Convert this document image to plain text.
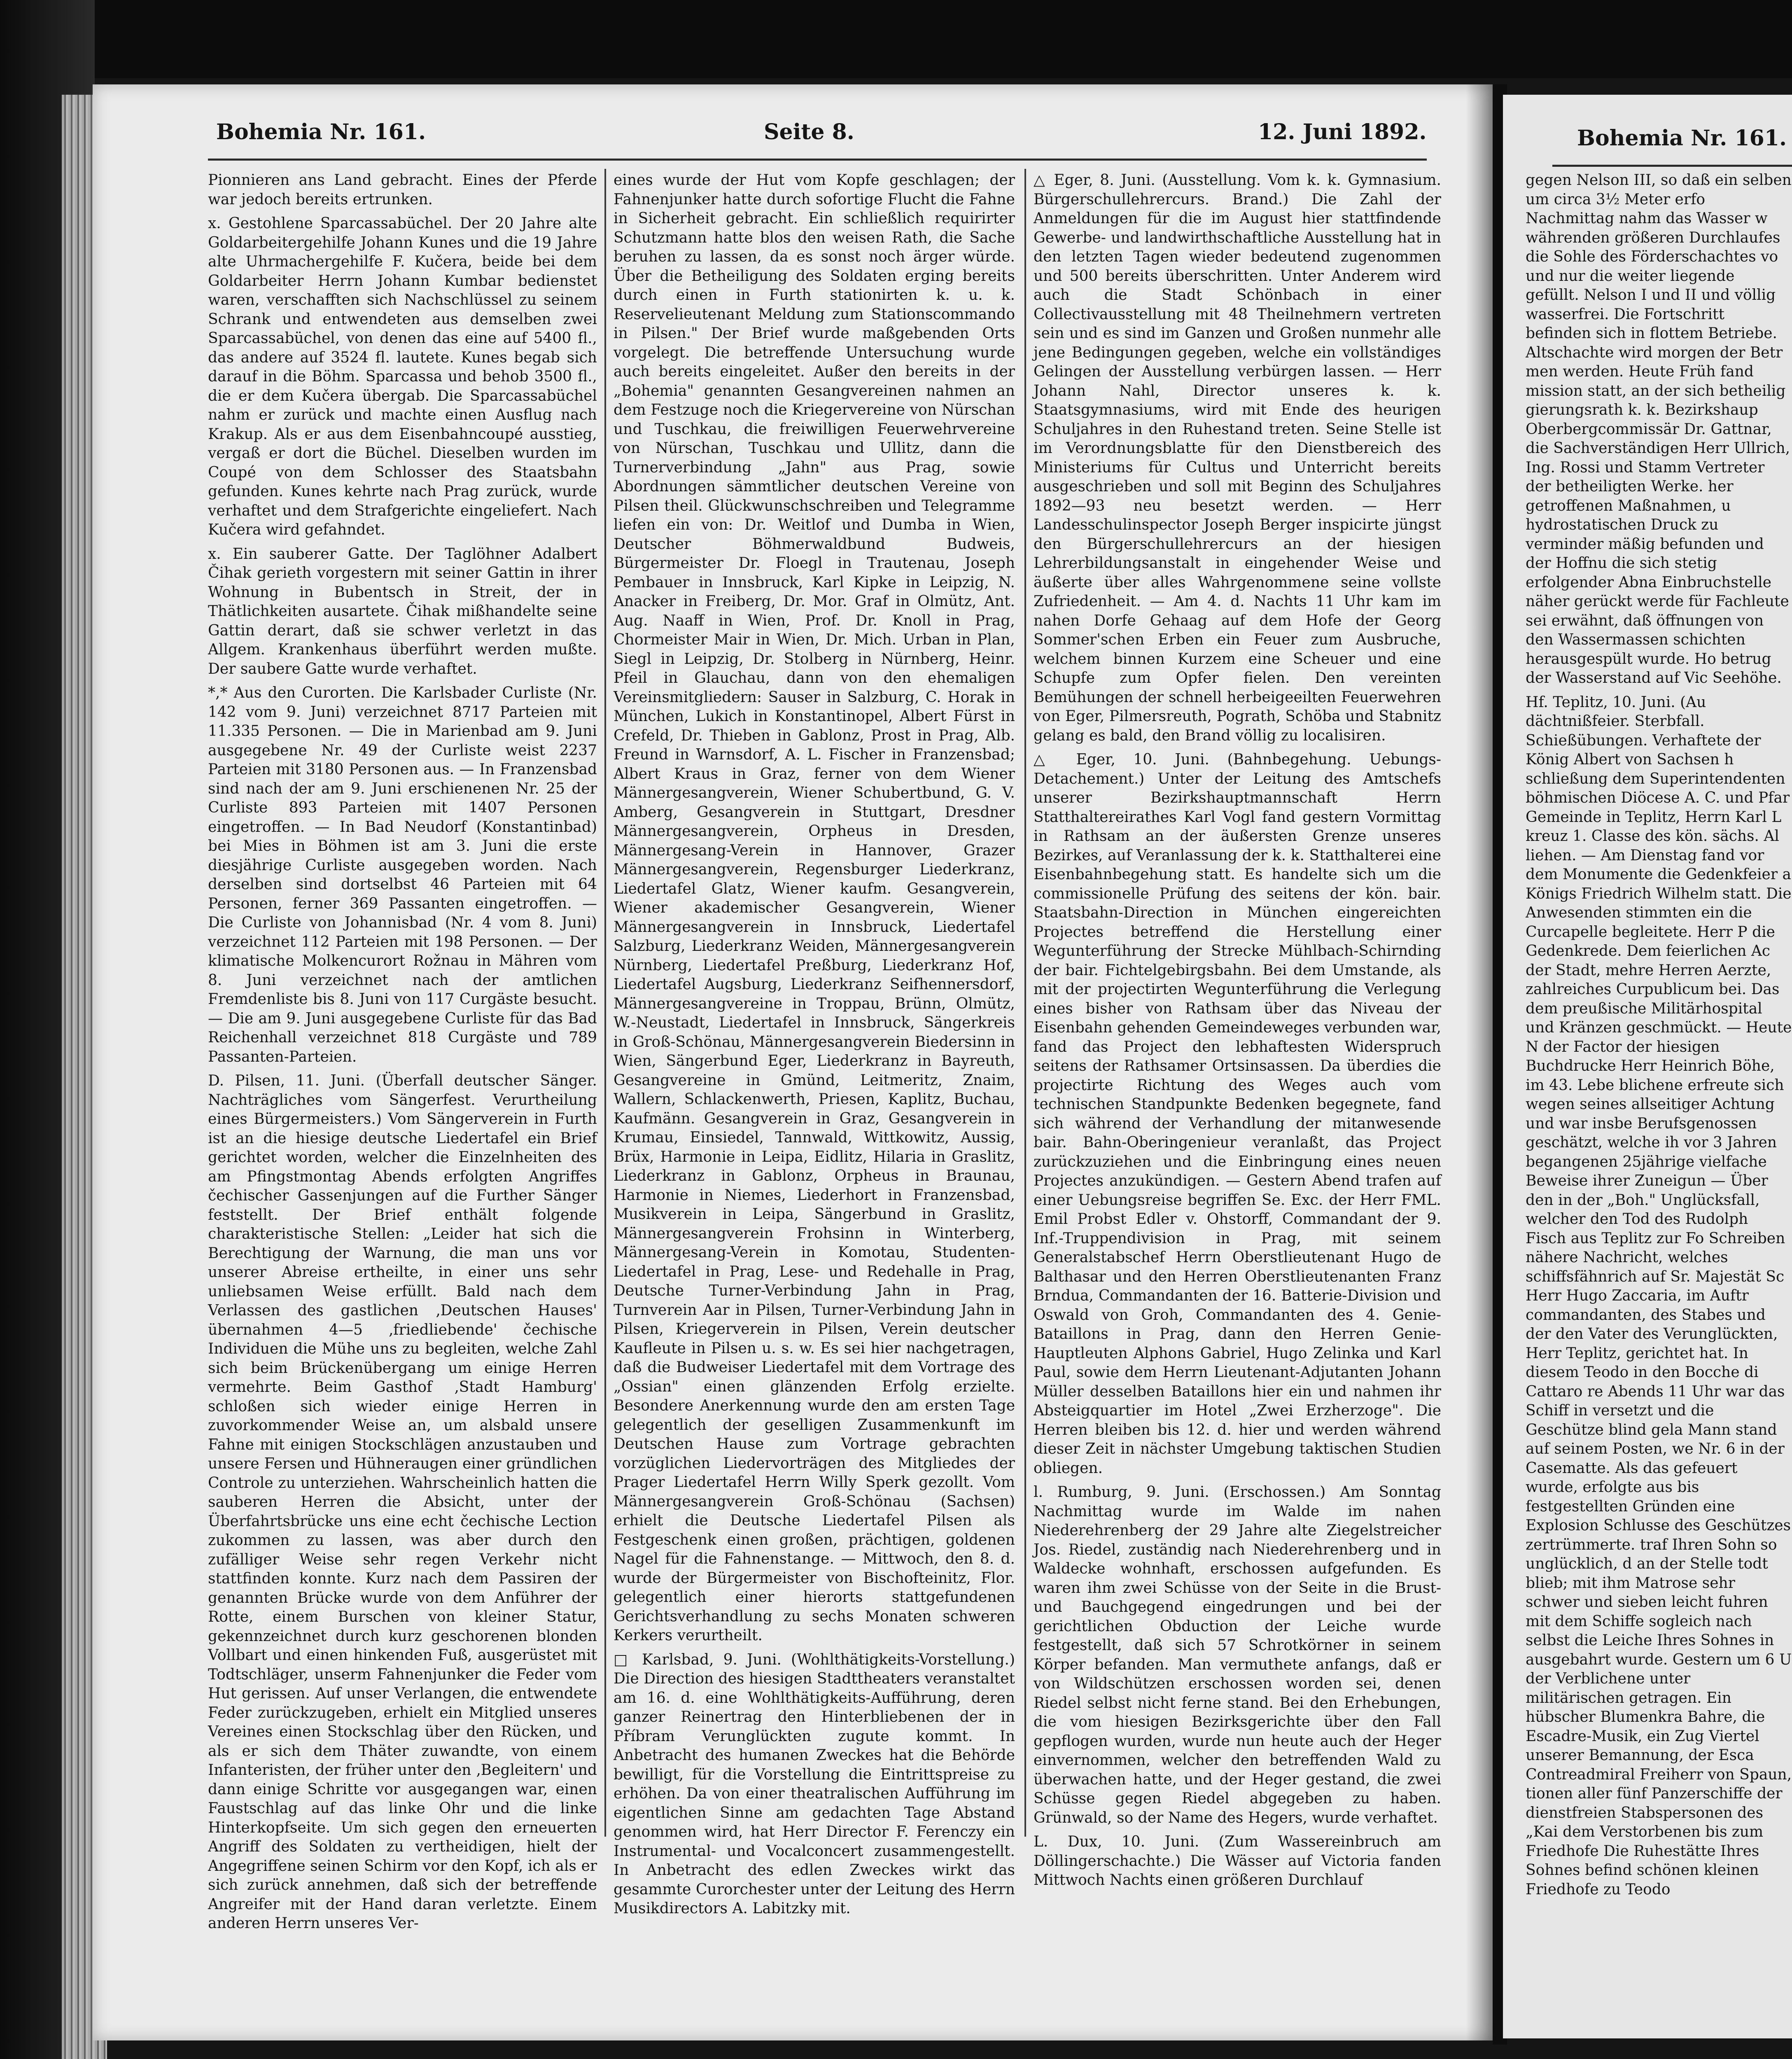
Bohemia Nr. 161.	Seite 8.	12. Juni 1892.	Bohemia Nr. 161.

Pionnieren ans Land gebracht. Eines der Pferde war jedoch bereits ertrunken.

x. Gestohlene Sparcassabüchel. Der 20 Jahre alte Goldarbeitergehilfe Johann Kunes und die 19 Jahre alte Uhrmachergehilfe F. Kučera, beide bei dem Goldarbeiter Herrn Johann Kumbar bedienstet waren, verschafften sich Nachschlüssel zu seinem Schrank und entwendeten aus demselben zwei Sparcassabüchel, von denen das eine auf 5400 fl., das andere auf 3524 fl. lautete. Kunes begab sich darauf in die Böhm. Sparcassa und behob 3500 fl., die er dem Kučera übergab. Die Sparcassabüchel nahm er zurück und machte einen Ausflug nach Krakup. Als er aus dem Eisenbahncoupé ausstieg, vergaß er dort die Büchel. Dieselben wurden im Coupé von dem Schlosser des Staatsbahn gefunden. Kunes kehrte nach Prag zurück, wurde verhaftet und dem Strafgerichte eingeliefert. Nach Kučera wird gefahndet.

x. Ein sauberer Gatte. Der Taglöhner Adalbert Čihak gerieth vorgestern mit seiner Gattin in ihrer Wohnung in Bubentsch in Streit, der in Thätlichkeiten ausartete. Čihak mißhandelte seine Gattin derart, daß sie schwer verletzt in das Allgem. Krankenhaus überführt werden mußte. Der saubere Gatte wurde verhaftet.

*,* Aus den Curorten. Die Karlsbader Curliste (Nr. 142 vom 9. Juni) verzeichnet 8717 Parteien mit 11.335 Personen. — Die in Marienbad am 9. Juni ausgegebene Nr. 49 der Curliste weist 2237 Parteien mit 3180 Personen aus. — In Franzensbad sind nach der am 9. Juni erschienenen Nr. 25 der Curliste 893 Parteien mit 1407 Personen eingetroffen. — In Bad Neudorf (Konstantinbad) bei Mies in Böhmen ist am 3. Juni die erste diesjährige Curliste ausgegeben worden. Nach derselben sind dortselbst 46 Parteien mit 64 Personen, ferner 369 Passanten eingetroffen. — Die Curliste von Johannisbad (Nr. 4 vom 8. Juni) verzeichnet 112 Parteien mit 198 Personen. — Der klimatische Molkencurort Rožnau in Mähren vom 8. Juni verzeichnet nach der amtlichen Fremdenliste bis 8. Juni von 117 Curgäste besucht. — Die am 9. Juni ausgegebene Curliste für das Bad Reichenhall verzeichnet 818 Curgäste und 789 Passanten-Parteien.

D. Pilsen, 11. Juni. (Überfall deutscher Sänger. Nachträgliches vom Sängerfest. Verurtheilung eines Bürgermeisters.) Vom Sängerverein in Furth ist an die hiesige deutsche Liedertafel ein Brief gerichtet worden, welcher die Einzelnheiten des am Pfingstmontag Abends erfolgten Angriffes čechischer Gassenjungen auf die Further Sänger feststellt. Der Brief enthält folgende charakteristische Stellen: „Leider hat sich die Berechtigung der Warnung, die man uns vor unserer Abreise ertheilte, in einer uns sehr unliebsamen Weise erfüllt. Bald nach dem Verlassen des gastlichen ‚Deutschen Hauses' übernahmen 4—5 ‚friedliebende' čechische Individuen die Mühe uns zu begleiten, welche Zahl sich beim Brückenübergang um einige Herren vermehrte. Beim Gasthof ‚Stadt Hamburg' schloßen sich wieder einige Herren in zuvorkommender Weise an, um alsbald unsere Fahne mit einigen Stockschlägen anzustauben und unsere Fersen und Hühneraugen einer gründlichen Controle zu unterziehen. Wahrscheinlich hatten die sauberen Herren die Absicht, unter der Überfahrtsbrücke uns eine echt čechische Lection zukommen zu lassen, was aber durch den zufälliger Weise sehr regen Verkehr nicht stattfinden konnte. Kurz nach dem Passiren der genannten Brücke wurde von dem Anführer der Rotte, einem Burschen von kleiner Statur, gekennzeichnet durch kurz geschorenen blonden Vollbart und einen hinkenden Fuß, ausgerüstet mit Todtschläger, unserm Fahnenjunker die Feder vom Hut gerissen. Auf unser Verlangen, die entwendete Feder zurückzugeben, erhielt ein Mitglied unseres Vereines einen Stockschlag über den Rücken, und als er sich dem Thäter zuwandte, von einem Infanteristen, der früher unter den ‚Begleitern' und dann einige Schritte vor ausgegangen war, einen Faustschlag auf das linke Ohr und die linke Hinterkopfseite. Um sich gegen den erneuerten Angriff des Soldaten zu vertheidigen, hielt der Angegriffene seinen Schirm vor den Kopf, ich als er sich zurück annehmen, daß sich der betreffende Angreifer mit der Hand daran verletzte. Einem anderen Herrn unseres Ver-

eines wurde der Hut vom Kopfe geschlagen; der Fahnenjunker hatte durch sofortige Flucht die Fahne in Sicherheit gebracht. Ein schließlich requirirter Schutzmann hatte blos den weisen Rath, die Sache beruhen zu lassen, da es sonst noch ärger würde. Über die Betheiligung des Soldaten erging bereits durch einen in Furth stationirten k. u. k. Reservelieutenant Meldung zum Stationscommando in Pilsen." Der Brief wurde maßgebenden Orts vorgelegt. Die betreffende Untersuchung wurde auch bereits eingeleitet. Außer den bereits in der „Bohemia" genannten Gesangvereinen nahmen an dem Festzuge noch die Kriegervereine von Nürschan und Tuschkau, die freiwilligen Feuerwehrvereine von Nürschan, Tuschkau und Ullitz, dann die Turnerverbindung „Jahn" aus Prag, sowie Abordnungen sämmtlicher deutschen Vereine von Pilsen theil. Glückwunschschreiben und Telegramme liefen ein von: Dr. Weitlof und Dumba in Wien, Deutscher Böhmerwaldbund Budweis, Bürgermeister Dr. Floegl in Trautenau, Joseph Pembauer in Innsbruck, Karl Kipke in Leipzig, N. Anacker in Freiberg, Dr. Mor. Graf in Olmütz, Ant. Aug. Naaff in Wien, Prof. Dr. Knoll in Prag, Chormeister Mair in Wien, Dr. Mich. Urban in Plan, Siegl in Leipzig, Dr. Stolberg in Nürnberg, Heinr. Pfeil in Glauchau, dann von den ehemaligen Vereinsmitgliedern: Sauser in Salzburg, C. Horak in München, Lukich in Konstantinopel, Albert Fürst in Crefeld, Dr. Thieben in Gablonz, Prost in Prag, Alb. Freund in Warnsdorf, A. L. Fischer in Franzensbad; Albert Kraus in Graz, ferner von dem Wiener Männergesangverein, Wiener Schubertbund, G. V. Amberg, Gesangverein in Stuttgart, Dresdner Männergesangverein, Orpheus in Dresden, Männergesang-Verein in Hannover, Grazer Männergesangverein, Regensburger Liederkranz, Liedertafel Glatz, Wiener kaufm. Gesangverein, Wiener akademischer Gesangverein, Wiener Männergesangverein in Innsbruck, Liedertafel Salzburg, Liederkranz Weiden, Männergesangverein Nürnberg, Liedertafel Preßburg, Liederkranz Hof, Liedertafel Augsburg, Liederkranz Seifhennersdorf, Männergesangvereine in Troppau, Brünn, Olmütz, W.-Neustadt, Liedertafel in Innsbruck, Sängerkreis in Groß-Schönau, Männergesangverein Biedersinn in Wien, Sängerbund Eger, Liederkranz in Bayreuth, Gesangvereine in Gmünd, Leitmeritz, Znaim, Wallern, Schlackenwerth, Priesen, Kaplitz, Buchau, Kaufmänn. Gesangverein in Graz, Gesangverein in Krumau, Einsiedel, Tannwald, Wittkowitz, Aussig, Brüx, Harmonie in Leipa, Eidlitz, Hilaria in Graslitz, Liederkranz in Gablonz, Orpheus in Braunau, Harmonie in Niemes, Liederhort in Franzensbad, Musikverein in Leipa, Sängerbund in Graslitz, Männergesangverein Frohsinn in Winterberg, Männergesang-Verein in Komotau, Studenten-Liedertafel in Prag, Lese- und Redehalle in Prag, Deutsche Turner-Verbindung Jahn in Prag, Turnverein Aar in Pilsen, Turner-Verbindung Jahn in Pilsen, Kriegerverein in Pilsen, Verein deutscher Kaufleute in Pilsen u. s. w. Es sei hier nachgetragen, daß die Budweiser Liedertafel mit dem Vortrage des „Ossian" einen glänzenden Erfolg erzielte. Besondere Anerkennung wurde den am ersten Tage gelegentlich der geselligen Zusammenkunft im Deutschen Hause zum Vortrage gebrachten vorzüglichen Liedervorträgen des Mitgliedes der Prager Liedertafel Herrn Willy Sperk gezollt. Vom Männergesangverein Groß-Schönau (Sachsen) erhielt die Deutsche Liedertafel Pilsen als Festgeschenk einen großen, prächtigen, goldenen Nagel für die Fahnenstange. — Mittwoch, den 8. d. wurde der Bürgermeister von Bischofteinitz, Flor. gelegentlich einer hierorts stattgefundenen Gerichtsverhandlung zu sechs Monaten schweren Kerkers verurtheilt.

□ Karlsbad, 9. Juni. (Wohlthätigkeits-Vorstellung.) Die Direction des hiesigen Stadttheaters veranstaltet am 16. d. eine Wohlthätigkeits-Aufführung, deren ganzer Reinertrag den Hinterbliebenen der in Příbram Verunglückten zugute kommt. In Anbetracht des humanen Zweckes hat die Behörde bewilligt, für die Vorstellung die Eintrittspreise zu erhöhen. Da von einer theatralischen Aufführung im eigentlichen Sinne am gedachten Tage Abstand genommen wird, hat Herr Director F. Ferenczy ein Instrumental- und Vocalconcert zusammengestellt. In Anbetracht des edlen Zweckes wirkt das gesammte Curorchester unter der Leitung des Herrn Musikdirectors A. Labitzky mit.

△ Eger, 8. Juni. (Ausstellung. Vom k. k. Gymnasium. Bürgerschullehrercurs. Brand.) Die Zahl der Anmeldungen für die im August hier stattfindende Gewerbe- und landwirthschaftliche Ausstellung hat in den letzten Tagen wieder bedeutend zugenommen und 500 bereits überschritten. Unter Anderem wird auch die Stadt Schönbach in einer Collectivausstellung mit 48 Theilnehmern vertreten sein und es sind im Ganzen und Großen nunmehr alle jene Bedingungen gegeben, welche ein vollständiges Gelingen der Ausstellung verbürgen lassen. — Herr Johann Nahl, Director unseres k. k. Staatsgymnasiums, wird mit Ende des heurigen Schuljahres in den Ruhestand treten. Seine Stelle ist im Verordnungsblatte für den Dienstbereich des Ministeriums für Cultus und Unterricht bereits ausgeschrieben und soll mit Beginn des Schuljahres 1892—93 neu besetzt werden. — Herr Landesschulinspector Joseph Berger inspicirte jüngst den Bürgerschullehrercurs an der hiesigen Lehrerbildungsanstalt in eingehender Weise und äußerte über alles Wahrgenommene seine vollste Zufriedenheit. — Am 4. d. Nachts 11 Uhr kam im nahen Dorfe Gehaag auf dem Hofe der Georg Sommer'schen Erben ein Feuer zum Ausbruche, welchem binnen Kurzem eine Scheuer und eine Schupfe zum Opfer fielen. Den vereinten Bemühungen der schnell herbeigeeilten Feuerwehren von Eger, Pilmersreuth, Pograth, Schöba und Stabnitz gelang es bald, den Brand völlig zu localisiren.

△ Eger, 10. Juni. (Bahnbegehung. Uebungs-Detachement.) Unter der Leitung des Amtschefs unserer Bezirkshauptmannschaft Herrn Statthaltereirathes Karl Vogl fand gestern Vormittag in Rathsam an der äußersten Grenze unseres Bezirkes, auf Veranlassung der k. k. Statthalterei eine Eisenbahnbegehung statt. Es handelte sich um die commissionelle Prüfung des seitens der kön. bair. Staatsbahn-Direction in München eingereichten Projectes betreffend die Herstellung einer Wegunterführung der Strecke Mühlbach-Schirnding der bair. Fichtelgebirgsbahn. Bei dem Umstande, als mit der projectirten Wegunterführung die Verlegung eines bisher von Rathsam über das Niveau der Eisenbahn gehenden Gemeindeweges verbunden war, fand das Project den lebhaftesten Widerspruch seitens der Rathsamer Ortsinsassen. Da überdies die projectirte Richtung des Weges auch vom technischen Standpunkte Bedenken begegnete, fand sich während der Verhandlung der mitanwesende bair. Bahn-Oberingenieur veranlaßt, das Project zurückzuziehen und die Einbringung eines neuen Projectes anzukündigen. — Gestern Abend trafen auf einer Uebungsreise begriffen Se. Exc. der Herr FML. Emil Probst Edler v. Ohstorff, Commandant der 9. Inf.-Truppendivision in Prag, mit seinem Generalstabschef Herrn Oberstlieutenant Hugo de Balthasar und den Herren Oberstlieutenanten Franz Brndua, Commandanten der 16. Batterie-Division und Oswald von Groh, Commandanten des 4. Genie-Bataillons in Prag, dann den Herren Genie-Hauptleuten Alphons Gabriel, Hugo Zelinka und Karl Paul, sowie dem Herrn Lieutenant-Adjutanten Johann Müller desselben Bataillons hier ein und nahmen ihr Absteigquartier im Hotel „Zwei Erzherzoge". Die Herren bleiben bis 12. d. hier und werden während dieser Zeit in nächster Umgebung taktischen Studien obliegen.

l. Rumburg, 9. Juni. (Erschossen.) Am Sonntag Nachmittag wurde im Walde im nahen Niederehrenberg der 29 Jahre alte Ziegelstreicher Jos. Riedel, zuständig nach Niederehrenberg und in Waldecke wohnhaft, erschossen aufgefunden. Es waren ihm zwei Schüsse von der Seite in die Brust- und Bauchgegend eingedrungen und bei der gerichtlichen Obduction der Leiche wurde festgestellt, daß sich 57 Schrotkörner in seinem Körper befanden. Man vermuthete anfangs, daß er von Wildschützen erschossen worden sei, denen Riedel selbst nicht ferne stand. Bei den Erhebungen, die vom hiesigen Bezirksgerichte über den Fall gepflogen wurden, wurde nun heute auch der Heger einvernommen, welcher den betreffenden Wald zu überwachen hatte, und der Heger gestand, die zwei Schüsse gegen Riedel abgegeben zu haben. Grünwald, so der Name des Hegers, wurde verhaftet.

L. Dux, 10. Juni. (Zum Wassereinbruch am Döllingerschachte.) Die Wässer auf Victoria fanden Mittwoch Nachts einen größeren Durchlauf

gegen Nelson III, so daß ein selben um circa 3½ Meter erfo Nachmittag nahm das Wasser w währenden größeren Durchlaufes die Sohle des Förderschachtes vo und nur die weiter liegende gefüllt. Nelson I und II und völlig wasserfrei. Die Fortschritt befinden sich in flottem Betriebe. Altschachte wird morgen der Betr men werden. Heute Früh fand mission statt, an der sich betheilig gierungsrath k. k. Bezirkshaup Oberbergcommissär Dr. Gattnar, die Sachverständigen Herr Ullrich, Ing. Rossi und Stamm Vertreter der betheiligten Werke. her getroffenen Maßnahmen, u hydrostatischen Druck zu verminder mäßig befunden und der Hoffnu die sich stetig erfolgender Abna Einbruchstelle näher gerückt werde für Fachleute sei erwähnt, daß öffnungen von den Wassermassen schichten herausgespült wurde. Ho betrug der Wasserstand auf Vic Seehöhe.

Hf. Teplitz, 10. Juni. (Au dächtnißfeier. Sterbfall. Schießübungen. Verhaftete der König Albert von Sachsen h schließung dem Superintendenten böhmischen Diöcese A. C. und Pfar Gemeinde in Teplitz, Herrn Karl L kreuz 1. Classe des kön. sächs. Al liehen. — Am Dienstag fand vor dem Monumente die Gedenkfeier a Königs Friedrich Wilhelm statt. Die Anwesenden stimmten ein die Curcapelle begleitete. Herr P die Gedenkrede. Dem feierlichen Ac der Stadt, mehre Herren Aerzte, zahlreiches Curpublicum bei. Das dem preußische Militärhospital und Kränzen geschmückt. — Heute N der Factor der hiesigen Buchdrucke Herr Heinrich Böhe, im 43. Lebe blichene erfreute sich wegen seines allseitiger Achtung und war insbe Berufsgenossen geschätzt, welche ih vor 3 Jahren begangenen 25jährige vielfache Beweise ihrer Zuneigun — Über den in der „Boh." Unglücksfall, welcher den Tod des Rudolph Fisch aus Teplitz zur Fo Schreiben nähere Nachricht, welches schiffsfähnrich auf Sr. Majestät Sc Herr Hugo Zaccaria, im Auftr commandanten, des Stabes und der den Vater des Verunglückten, Herr Teplitz, gerichtet hat. In diesem Teodo in den Bocche di Cattaro re Abends 11 Uhr war das Schiff in versetzt und die Geschütze blind gela Mann stand auf seinem Posten, we Nr. 6 in der Casematte. Als das gefeuert wurde, erfolgte aus bis festgestellten Gründen eine Explosion Schlusse des Geschützes zertrümmerte. traf Ihren Sohn so unglücklich, d an der Stelle todt blieb; mit ihm Matrose sehr schwer und sieben leicht fuhren mit dem Schiffe sogleich nach selbst die Leiche Ihres Sohnes in ausgebahrt wurde. Gestern um 6 U der Verblichene unter militärischen getragen. Ein hübscher Blumenkra Bahre, die Escadre-Musik, ein Zug Viertel unserer Bemannung, der Esca Contreadmiral Freiherr von Spaun, tionen aller fünf Panzerschiffe der dienstfreien Stabspersonen des „Kai dem Verstorbenen bis zum Friedhofe Die Ruhestätte Ihres Sohnes befind schönen kleinen Friedhofe zu Teodo
